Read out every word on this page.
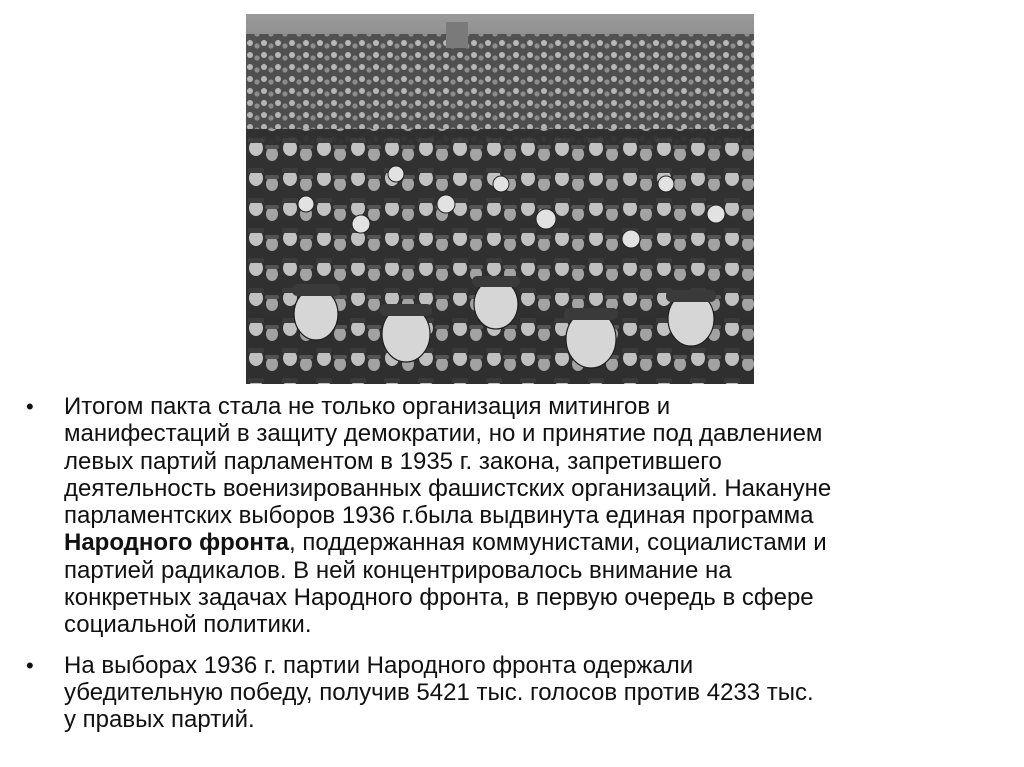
• Итогом пакта стала не только организация митингов и
манифестаций в защиту демократии, но и принятие под давлением
левых партий парламентом в 1935 г. закона, запретившего
деятельность военизированных фашистских организаций. Накануне
парламентских выборов 1936 г.была выдвинута единая программа
Народного фронта, поддержанная коммунистами, социалистами и
партией радикалов. В ней концентрировалось внимание на
конкретных задачах Народного фронта, в первую очередь в сфере
социальной политики.
• На выборах 1936 г. партии Народного фронта одержали
убедительную победу, получив 5421 тыс. голосов против 4233 тыс.
у правых партий.
